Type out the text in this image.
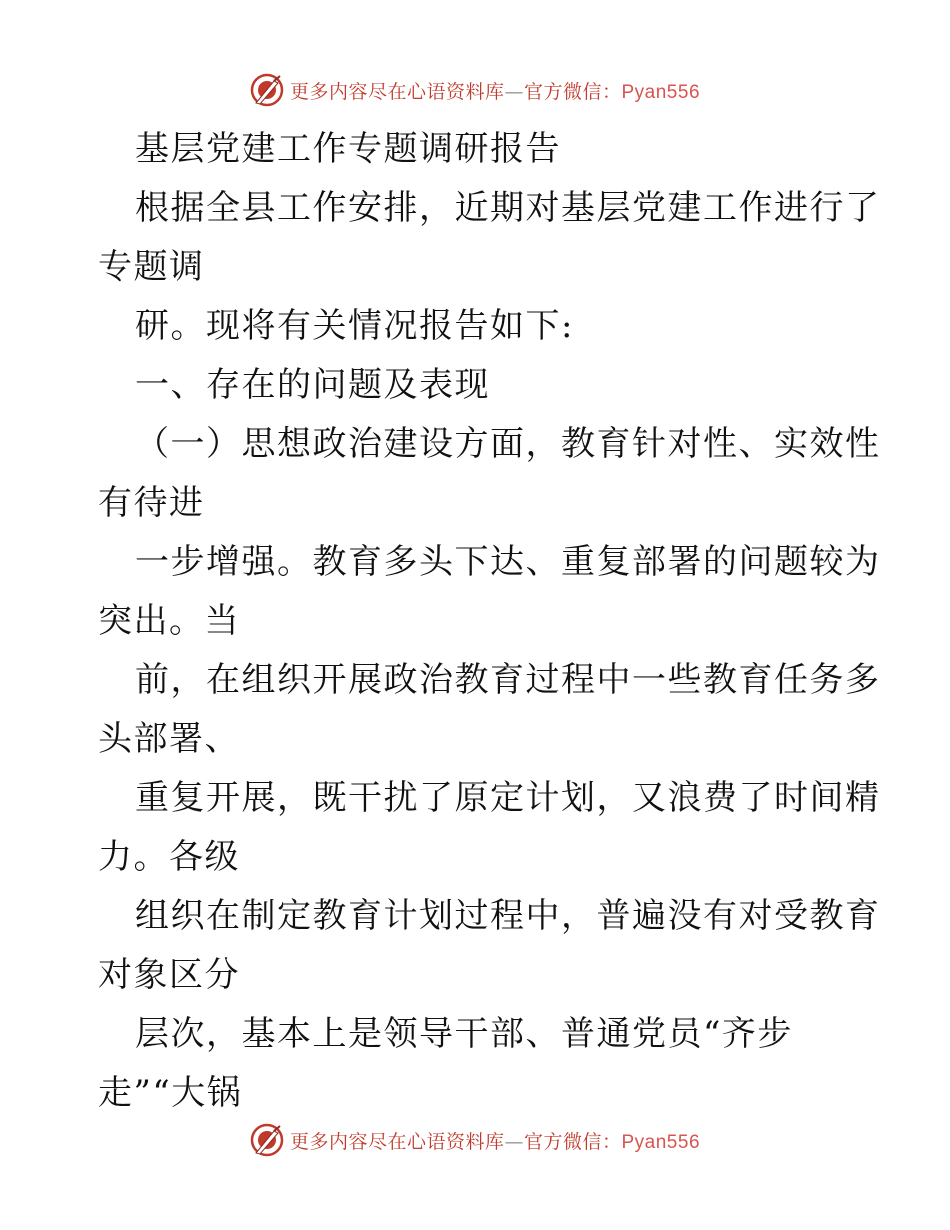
更多内容尽在心语资料库—官方微信：Pyan556
基层党建工作专题调研报告
根据全县工作安排，近期对基层党建工作进行了
专题调
研。现将有关情况报告如下:
一、存在的问题及表现
（一）思想政治建设方面，教育针对性、实效性
有待进
一步增强。教育多头下达、重复部署的问题较为
突出。当
前，在组织开展政治教育过程中一些教育任务多
头部署、
重复开展，既干扰了原定计划，又浪费了时间精
力。各级
组织在制定教育计划过程中，普遍没有对受教育
对象区分
层次，基本上是领导干部、普通党员“齐步
走”“大锅
更多内容尽在心语资料库—官方微信：Pyan556
